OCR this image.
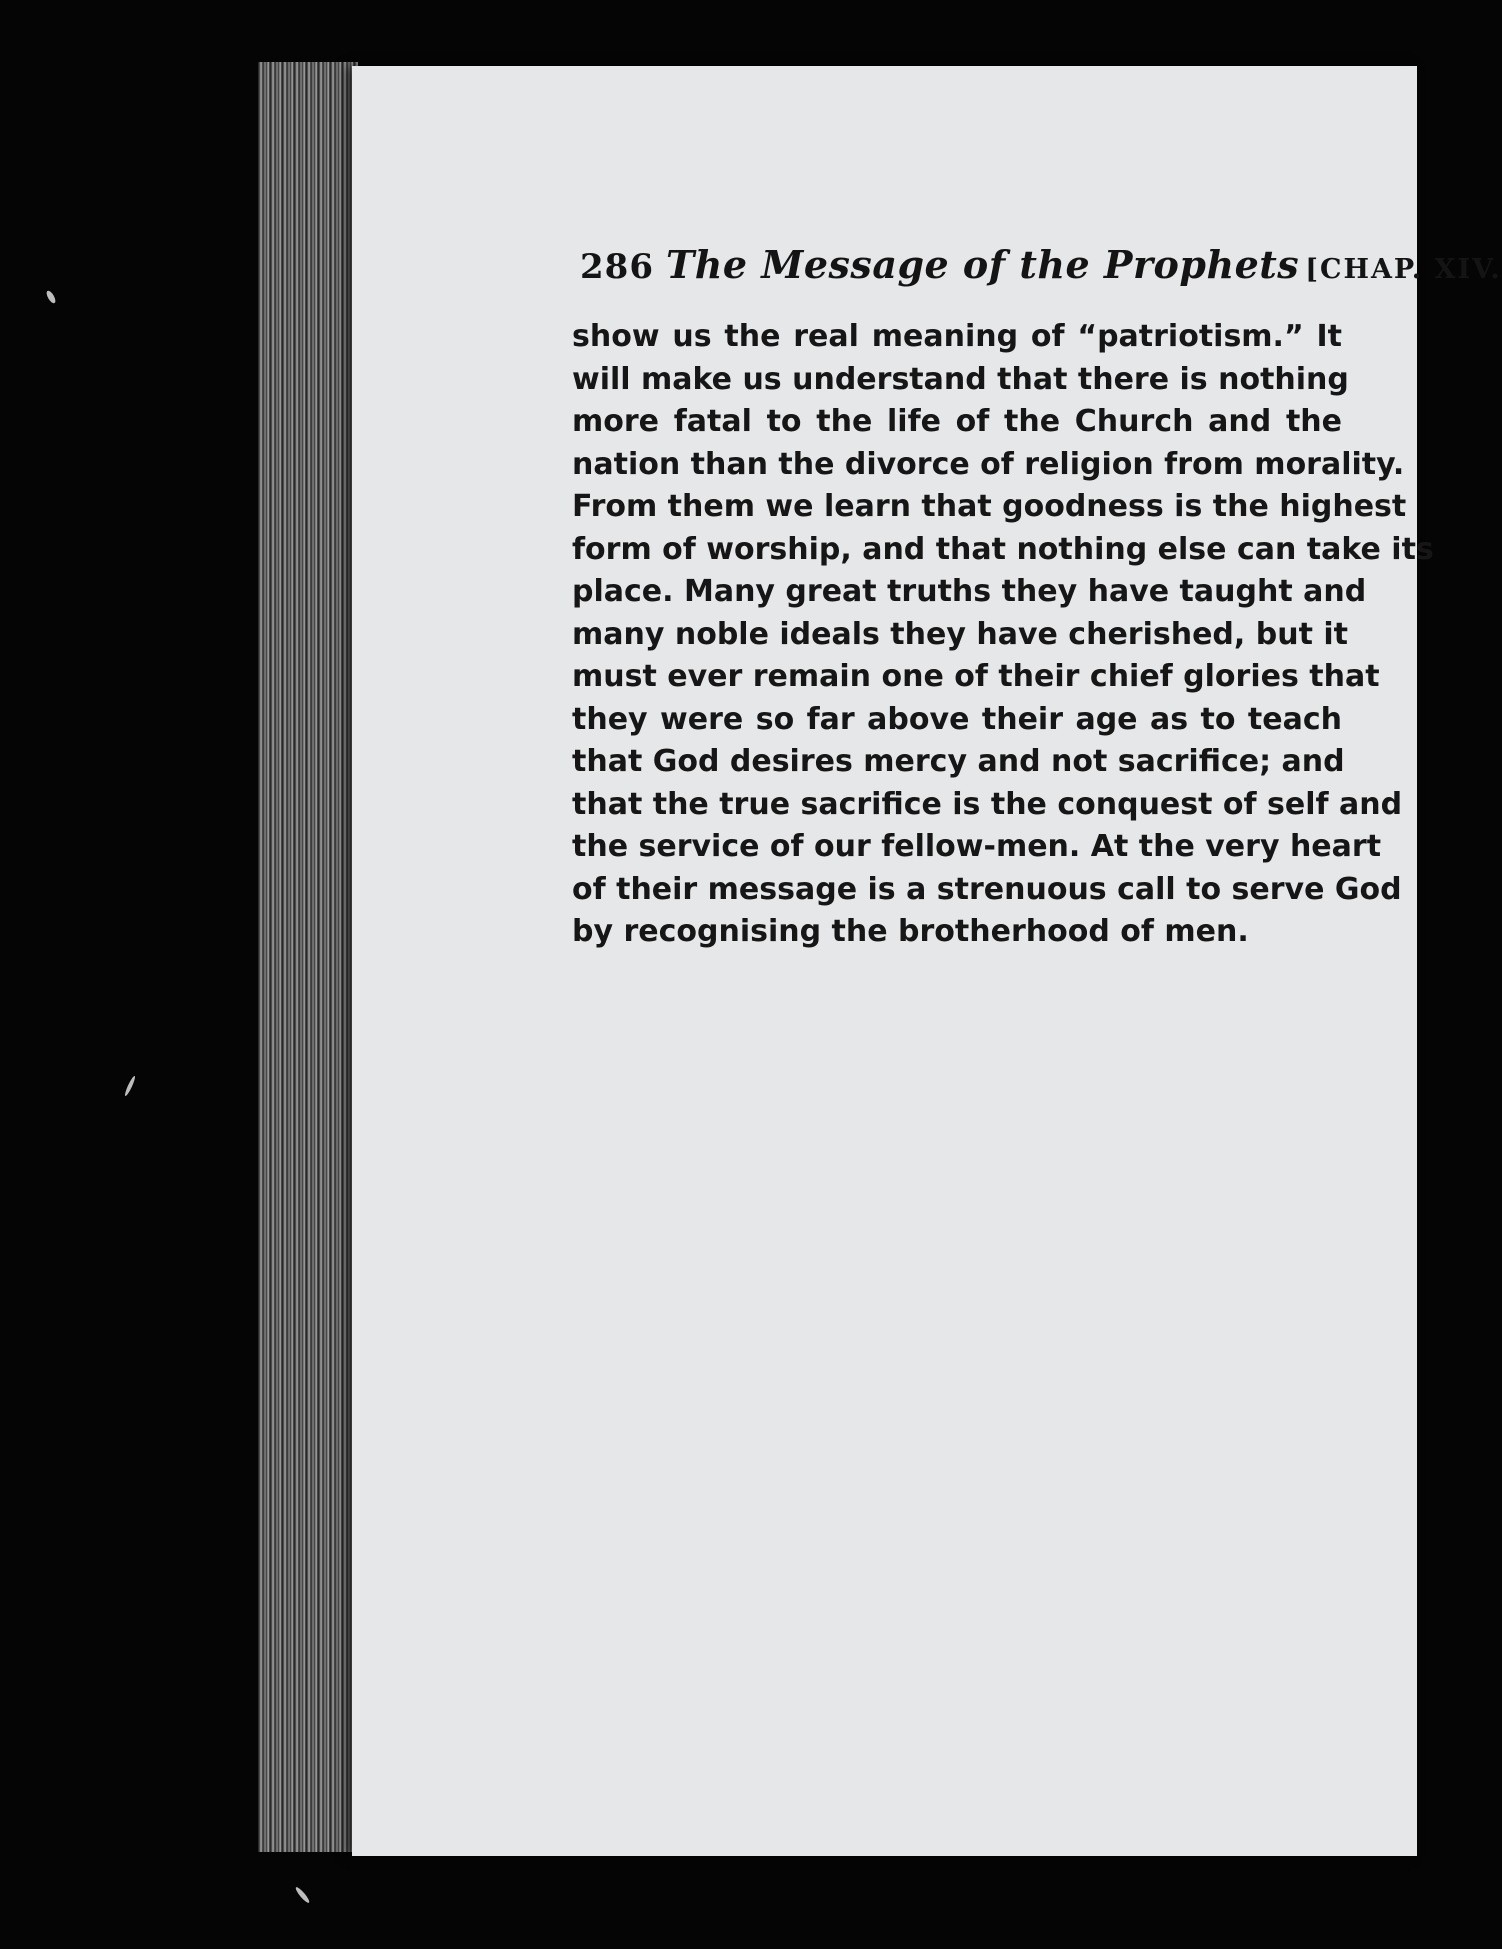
286 The Message of the Prophets [CHAP. XIV.
show us the real meaning of “patriotism.” It
will make us understand that there is nothing
more fatal to the life of the Church and the
nation than the divorce of religion from morality.
From them we learn that goodness is the highest
form of worship, and that nothing else can take its
place. Many great truths they have taught and
many noble ideals they have cherished, but it
must ever remain one of their chief glories that
they were so far above their age as to teach
that God desires mercy and not sacrifice; and
that the true sacrifice is the conquest of self and
the service of our fellow-men. At the very heart
of their message is a strenuous call to serve God
by recognising the brotherhood of men.
